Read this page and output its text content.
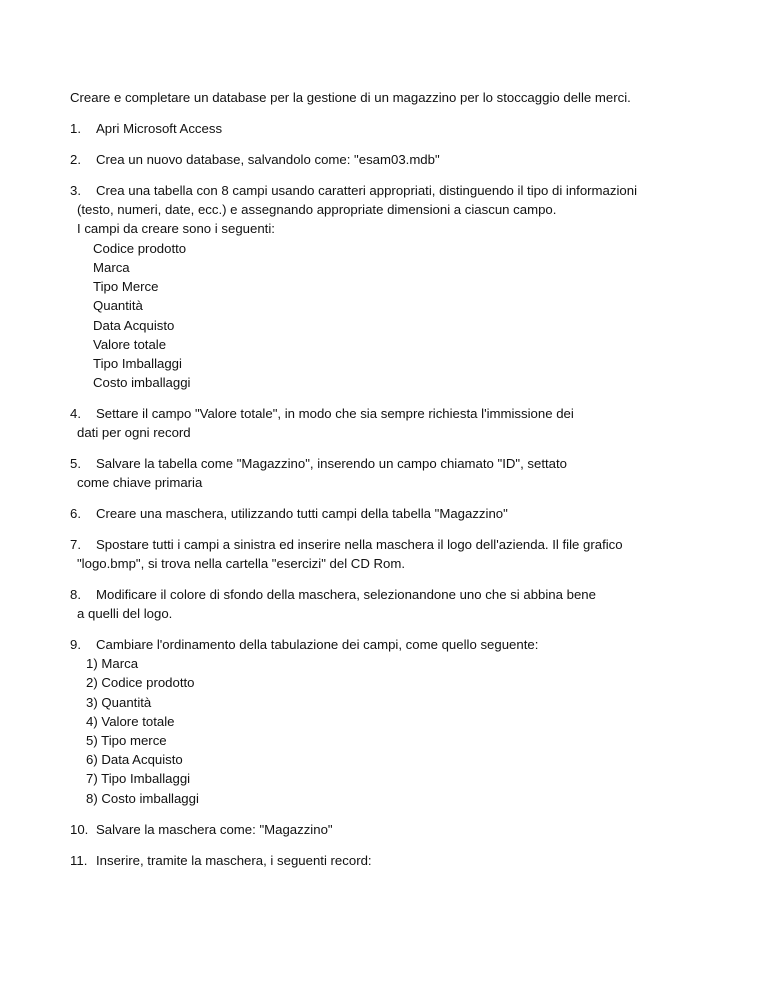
Creare e completare un database per la gestione di un magazzino per lo stoccaggio delle merci.
1. Apri Microsoft Access
2. Crea un nuovo database, salvandolo come: "esam03.mdb"
3. Crea una tabella con 8 campi usando caratteri appropriati, distinguendo il tipo di informazioni
(testo, numeri, date, ecc.) e assegnando appropriate dimensioni a ciascun campo.
I campi da creare sono i seguenti:
Codice prodotto
Marca
Tipo Merce
Quantità
Data Acquisto
Valore totale
Tipo Imballaggi
Costo imballaggi
4. Settare il campo "Valore totale", in modo che sia sempre richiesta l'immissione dei
dati per ogni record
5. Salvare la tabella come "Magazzino", inserendo un campo chiamato "ID", settato
come chiave primaria
6. Creare una maschera, utilizzando tutti campi della tabella "Magazzino"
7. Spostare tutti i campi a sinistra ed inserire nella maschera il logo dell'azienda. Il file grafico
"logo.bmp", si trova nella cartella "esercizi" del CD Rom.
8. Modificare il colore di sfondo della maschera, selezionandone uno che si abbina bene
a quelli del logo.
9. Cambiare l'ordinamento della tabulazione dei campi, come quello seguente:
1) Marca
2) Codice prodotto
3) Quantità
4) Valore totale
5) Tipo merce
6) Data Acquisto
7) Tipo Imballaggi
8) Costo imballaggi
10. Salvare la maschera come: "Magazzino"
11. Inserire, tramite la maschera, i seguenti record:
